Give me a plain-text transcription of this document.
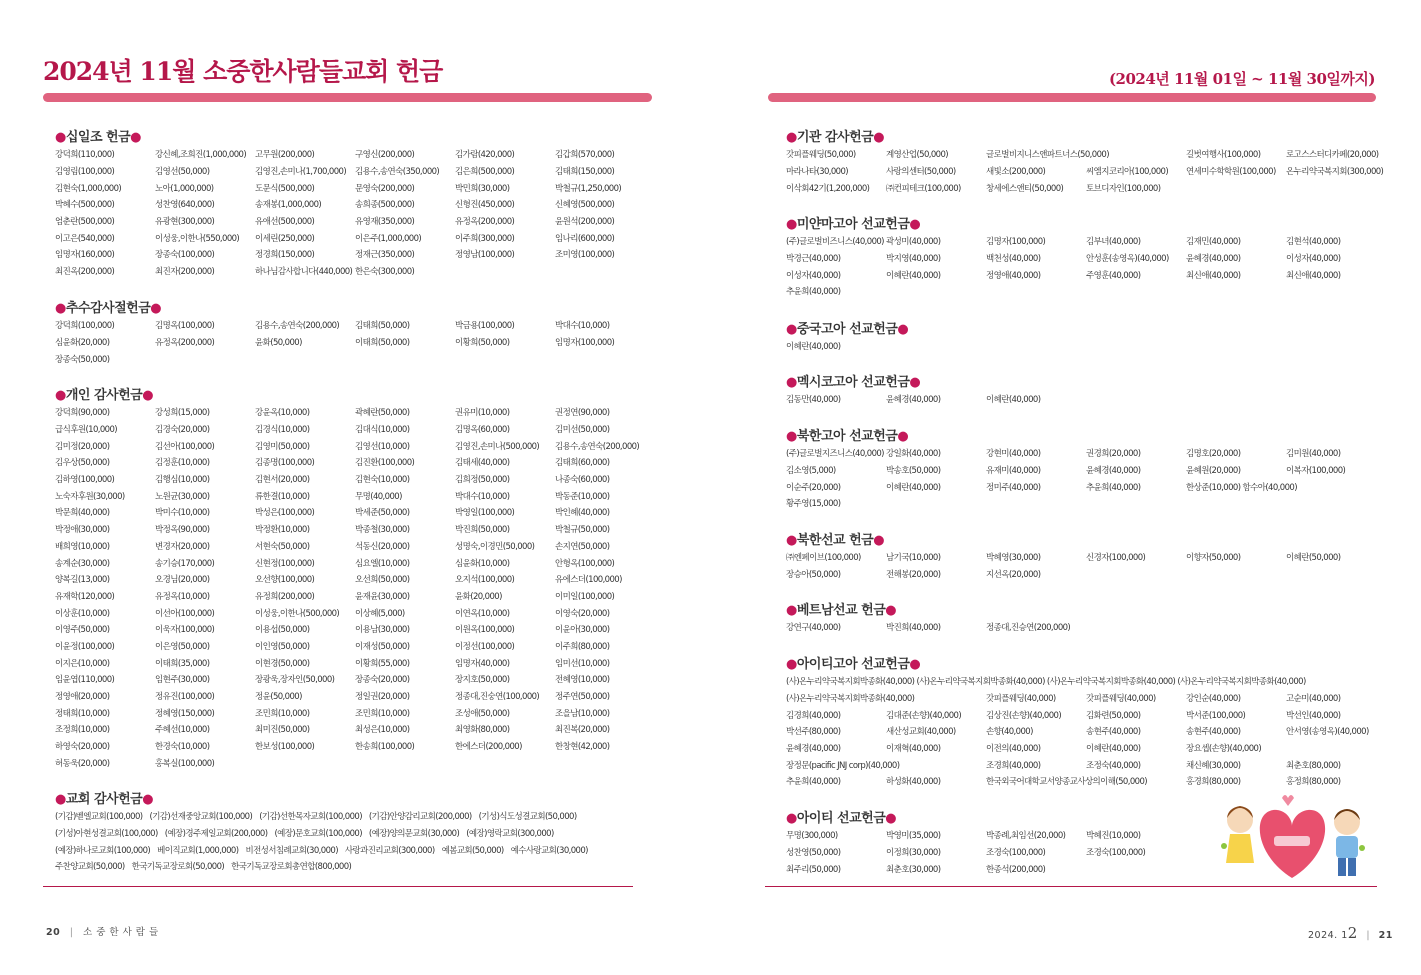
2024년 11월 소중한사람들교회 헌금
●십일조 헌금●
강덕희(110,000)	강신혜,조희진(1,000,000)	고무원(200,000)	구영신(200,000)	김가람(420,000)	김갑희(570,000)
김영림(100,000)	김영선(50,000)	김영진,손미나(1,700,000)	김용수,송연숙(350,000)	김은희(500,000)	김태희(150,000)
김현숙(1,000,000)	노아(1,000,000)	도문식(500,000)	문영숙(200,000)	박민희(30,000)	박철규(1,250,000)
박혜수(500,000)	성찬영(640,000)	송재봉(1,000,000)	송희종(500,000)	신형진(450,000)	신혜영(500,000)
엄춘란(500,000)	유광현(300,000)	유애선(500,000)	유영재(350,000)	유정옥(200,000)	윤원석(200,000)
이고은(540,000)	이성웅,이한나(550,000)	이세린(250,000)	이은주(1,000,000)	이주희(300,000)	임나리(600,000)
임명자(160,000)	장종숙(100,000)	정경희(150,000)	정재근(350,000)	정영남(100,000)	조미영(100,000)
최진옥(200,000)	최진자(200,000)	하나님감사합니다(440,000) 한은숙(300,000)
●추수감사절헌금●
강덕희(100,000)	김명옥(100,000)	김용수,송연숙(200,000)	김태희(50,000)	박금용(100,000)	박대수(10,000)
심윤화(20,000)	유정옥(200,000)	윤화(50,000)	이태희(50,000)	이황희(50,000)	임명자(100,000)
장종숙(50,000)
●개인 감사헌금●
강덕희(90,000)	강성희(15,000)	강윤옥(10,000)	곽혜란(50,000)	권유미(10,000)	권정연(90,000)
급식후원(10,000)	김경숙(20,000)	김경식(10,000)	김대식(10,000)	김명옥(60,000)	김미선(50,000)
김미정(20,000)	김선아(100,000)	김영미(50,000)	김영선(10,000)	김영진,손미나(500,000)	김용수,송연숙(200,000)
김우상(50,000)	김정훈(10,000)	김종명(100,000)	김진환(100,000)	김태세(40,000)	김태희(60,000)
김하영(100,000)	김행심(10,000)	김현서(20,000)	김현숙(10,000)	김희정(50,000)	나종숙(60,000)
노숙자후원(30,000)	노원균(30,000)	류한결(10,000)	무명(40,000)	박대수(10,000)	박동준(10,000)
박문희(40,000)	박미수(10,000)	박성은(100,000)	박세준(50,000)	박영일(100,000)	박인혜(40,000)
박정애(30,000)	박정옥(90,000)	박정환(10,000)	박종철(30,000)	박진희(50,000)	박철규(50,000)
배희영(10,000)	변경자(20,000)	서현숙(50,000)	석동신(20,000)	성명숙,이경민(50,000)	손지연(50,000)
송계순(30,000)	송기승(170,000)	신현정(100,000)	심요엘(10,000)	심윤화(10,000)	안형옥(100,000)
양복길(13,000)	오경님(20,000)	오선향(100,000)	오선희(50,000)	오지석(100,000)	유에스더(100,000)
유재학(120,000)	유정옥(10,000)	유정희(200,000)	윤재윤(30,000)	윤화(20,000)	이미일(100,000)
이상훈(10,000)	이선아(100,000)	이성웅,이한나(500,000)	이상혜(5,000)	이연옥(10,000)	이영숙(20,000)
이영주(50,000)	이욱자(100,000)	이용섭(50,000)	이용남(30,000)	이원옥(100,000)	이윤아(30,000)
이윤정(100,000)	이은영(50,000)	이인영(50,000)	이재성(50,000)	이정선(100,000)	이주희(80,000)
이지은(10,000)	이태희(35,000)	이현경(50,000)	이황희(55,000)	임명자(40,000)	임미선(10,000)
임윤엽(110,000)	임현주(30,000)	장광욱,장자인(50,000)	장종숙(20,000)	장지호(50,000)	전혜영(10,000)
정영애(20,000)	정유진(100,000)	정윤(50,000)	정일권(20,000)	정종대,진숭연(100,000)	정주연(50,000)
정태희(10,000)	정혜영(150,000)	조민희(10,000)	조민희(10,000)	조성애(50,000)	조을남(10,000)
조정희(10,000)	주혜선(10,000)	최미진(50,000)	최성은(10,000)	최영화(80,000)	최진복(20,000)
하영숙(20,000)	한경숙(10,000)	한보성(100,000)	한송희(100,000)	한에스더(200,000)	한창현(42,000)
허동욱(20,000)	홍복실(100,000)
●교회 감사헌금●
(기감)벧엘교회(100,000) (기감)선재중앙교회(100,000) (기감)선한목자교회(100,000) (기감)안양감리교회(200,000) (기성)식도성결교회(50,000)
(기성)아현성결교회(100,000) (예장)경주제일교회(200,000) (예장)문호교회(100,000) (예장)양의문교회(30,000) (예장)영락교회(300,000)
(예장)하나로교회(100,000) 베이직교회(1,000,000) 비전성서침례교회(30,000) 사랑과진리교회(300,000) 예봄교회(50,000) 예수사랑교회(30,000)
주찬양교회(50,000) 한국기독교장로회(50,000) 한국기독교장로회총연합(800,000)
20 | 소 중 한 사 람 들
(2024년 11월 01일 ~ 11월 30일까지)
●기관 감사헌금●
갓피플웨딩(50,000)	계영산업(50,000)	글로벌비지니스앤파트너스(50,000)	길벗여행사(100,000)	로고스스터디카페(20,000)
마라나타(30,000)	사랑의센터(50,000)	새빛소(200,000)	씨엠지코리아(100,000)	연세미수학학원(100,000)	온누리약국복지회(300,000)
이삭회42기(1,200,000)	㈜컨피테크(100,000)	창세에스앤티(50,000)	토브디자인(100,000)
●미얀마고아 선교헌금●
(주)글로벌비즈니스(40,000) 곽성미(40,000)	김명자(100,000)	김부녀(40,000)	김재민(40,000)	김현석(40,000)
박경근(40,000)	박지영(40,000)	백천성(40,000)	안성훈(송영옥)(40,000)	윤혜경(40,000)	이성자(40,000)
이성자(40,000)	이혜란(40,000)	정영애(40,000)	주영훈(40,000)	최신애(40,000)	최신애(40,000)
추윤희(40,000)
●중국고아 선교헌금●
이혜란(40,000)
●멕시코고아 선교헌금●
김동만(40,000)	윤혜경(40,000)	이혜란(40,000)
●북한고아 선교헌금●
(주)글로벌지즈니스(40,000) 강일화(40,000)	강현미(40,000)	권경희(20,000)	김명호(20,000)	김미원(40,000)
김소영(5,000)	박송호(50,000)	유재미(40,000)	윤혜경(40,000)	윤혜원(20,000)	이복자(100,000)
이순주(20,000)	이혜란(40,000)	정미주(40,000)	추윤희(40,000)	한상준(10,000) 함수아(40,000)
황주영(15,000)
●북한선교 헌금●
㈜엔페이브(100,000)	남기국(10,000)	박혜영(30,000)	신경자(100,000)	이향자(50,000)	이혜란(50,000)
장승아(50,000)	전해봉(20,000)	지선옥(20,000)
●베트남선교 헌금●
강연구(40,000)	박진희(40,000)	정종대,진승연(200,000)
●아이티고아 선교헌금●
(사)온누리약국복지회박종화(40,000) (사)온누리약국복지회박종화(40,000) (사)온누리약국복지회박종화(40,000) (사)온누리약국복지회박종화(40,000)
(사)온누리약국복지회박종화(40,000)	갓피플웨딩(40,000)	갓피플웨딩(40,000)	강인순(40,000)	고순미(40,000)
김경희(40,000)	김대준(손향)(40,000)	김상진(손향)(40,000)	김화련(50,000)	박서준(100,000)	박선인(40,000)
박선주(80,000)	새산성교회(40,000)	손향(40,000)	송현주(40,000)	송현주(40,000)	안서영(송영옥)(40,000)
윤혜경(40,000)	이재혁(40,000)	이전의(40,000)	이혜란(40,000)	장요셉(손향)(40,000)
장정문(pacific JNJ corp)(40,000)	조경희(40,000)	조정숙(40,000)	채신혜(30,000)	최춘호(80,000)
추윤희(40,000)	하성화(40,000)	한국외국어대학교서양종교사상의이해(50,000)	홍경희(80,000)	홍정희(80,000)
●아이티 선교헌금●
무명(300,000)	박영미(35,000)	박종례,최임선(20,000)	박혜진(10,000)
성찬영(50,000)	이정희(30,000)	조경숙(100,000)	조경숙(100,000)
최주리(50,000)	최춘호(30,000)	한종석(200,000)
2024. 12 | 21
